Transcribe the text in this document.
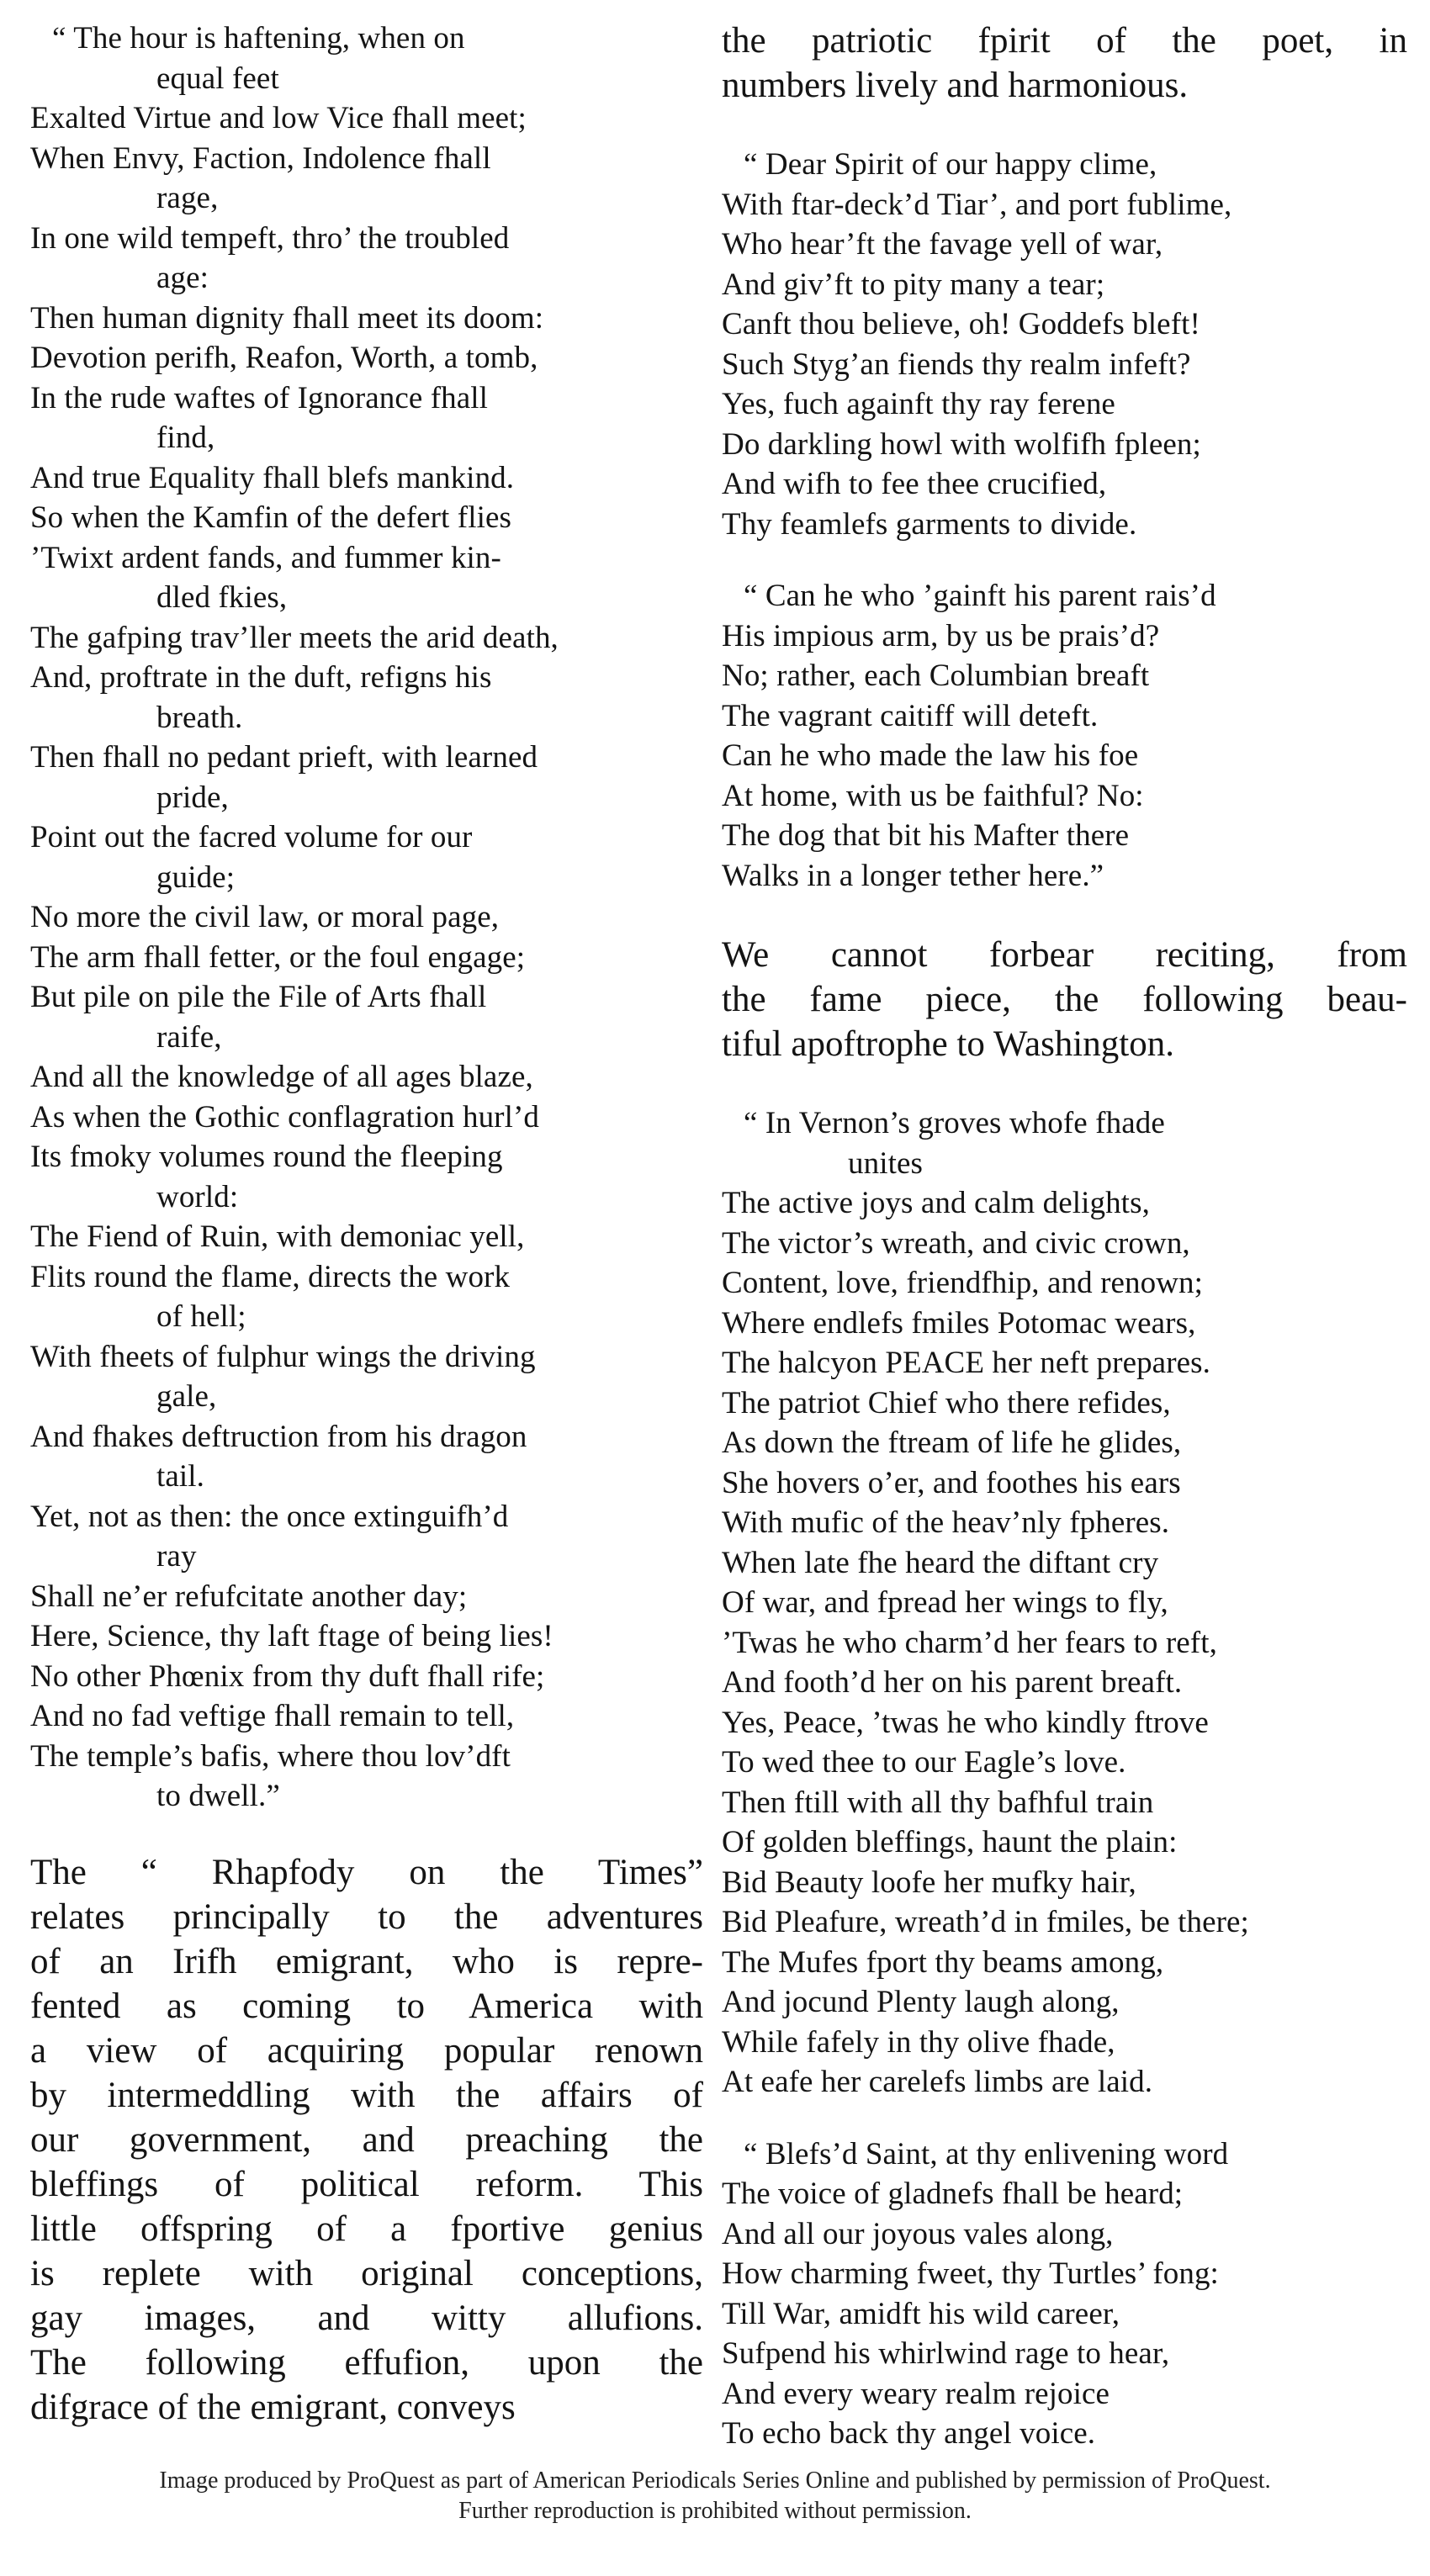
“ The hour is haftening, when on
equal feet
Exalted Virtue and low Vice fhall meet;
When Envy, Faction, Indolence fhall
rage,
In one wild tempeft, thro’ the troubled
age:
Then human dignity fhall meet its doom:
Devotion perifh, Reafon, Worth, a tomb,
In the rude waftes of Ignorance fhall
find,
And true Equality fhall blefs mankind.
So when the Kamfin of the defert flies
’Twixt ardent fands, and fummer kin-
dled fkies,
The gafping trav’ller meets the arid death,
And, proftrate in the duft, refigns his
breath.
Then fhall no pedant prieft, with learned
pride,
Point out the facred volume for our
guide;
No more the civil law, or moral page,
The arm fhall fetter, or the foul engage;
But pile on pile the File of Arts fhall
raife,
And all the knowledge of all ages blaze,
As when the Gothic conflagration hurl’d
Its fmoky volumes round the fleeping
world:
The Fiend of Ruin, with demoniac yell,
Flits round the flame, directs the work
of hell;
With fheets of fulphur wings the driving
gale,
And fhakes deftruction from his dragon
tail.
Yet, not as then: the once extinguifh’d
ray
Shall ne’er refufcitate another day;
Here, Science, thy laft ftage of being lies!
No other Phœnix from thy duft fhall rife;
And no fad veftige fhall remain to tell,
The temple’s bafis, where thou lov’dft
to dwell.”
The “ Rhapfody on the Times”
relates principally to the adventures
of an Irifh emigrant, who is repre-
fented as coming to America with
a view of acquiring popular renown
by intermeddling with the affairs of
our government, and preaching the
bleffings of political reform. This
little offspring of a fportive genius
is replete with original conceptions,
gay images, and witty allufions.
The following effufion, upon the
difgrace of the emigrant, conveys
the patriotic fpirit of the poet, in
numbers lively and harmonious.
“ Dear Spirit of our happy clime,
With ftar-deck’d Tiar’, and port fublime,
Who hear’ft the favage yell of war,
And giv’ft to pity many a tear;
Canft thou believe, oh! Goddefs bleft!
Such Styg’an fiends thy realm infeft?
Yes, fuch againft thy ray ferene
Do darkling howl with wolfifh fpleen;
And wifh to fee thee crucified,
Thy feamlefs garments to divide.
“ Can he who ’gainft his parent rais’d
His impious arm, by us be prais’d?
No; rather, each Columbian breaft
The vagrant caitiff will deteft.
Can he who made the law his foe
At home, with us be faithful? No:
The dog that bit his Mafter there
Walks in a longer tether here.”
We cannot forbear reciting, from
the fame piece, the following beau-
tiful apoftrophe to Washington.
“ In Vernon’s groves whofe fhade
unites
The active joys and calm delights,
The victor’s wreath, and civic crown,
Content, love, friendfhip, and renown;
Where endlefs fmiles Potomac wears,
The halcyon PEACE her neft prepares.
The patriot Chief who there refides,
As down the ftream of life he glides,
She hovers o’er, and foothes his ears
With mufic of the heav’nly fpheres.
When late fhe heard the diftant cry
Of war, and fpread her wings to fly,
’Twas he who charm’d her fears to reft,
And footh’d her on his parent breaft.
Yes, Peace, ’twas he who kindly ftrove
To wed thee to our Eagle’s love.
Then ftill with all thy bafhful train
Of golden bleffings, haunt the plain:
Bid Beauty loofe her mufky hair,
Bid Pleafure, wreath’d in fmiles, be there;
The Mufes fport thy beams among,
And jocund Plenty laugh along,
While fafely in thy olive fhade,
At eafe her carelefs limbs are laid.
“ Blefs’d Saint, at thy enlivening word
The voice of gladnefs fhall be heard;
And all our joyous vales along,
How charming fweet, thy Turtles’ fong:
Till War, amidft his wild career,
Sufpend his whirlwind rage to hear,
And every weary realm rejoice
To echo back thy angel voice.
Image produced by ProQuest as part of American Periodicals Series Online and published by permission of ProQuest.
Further reproduction is prohibited without permission.
